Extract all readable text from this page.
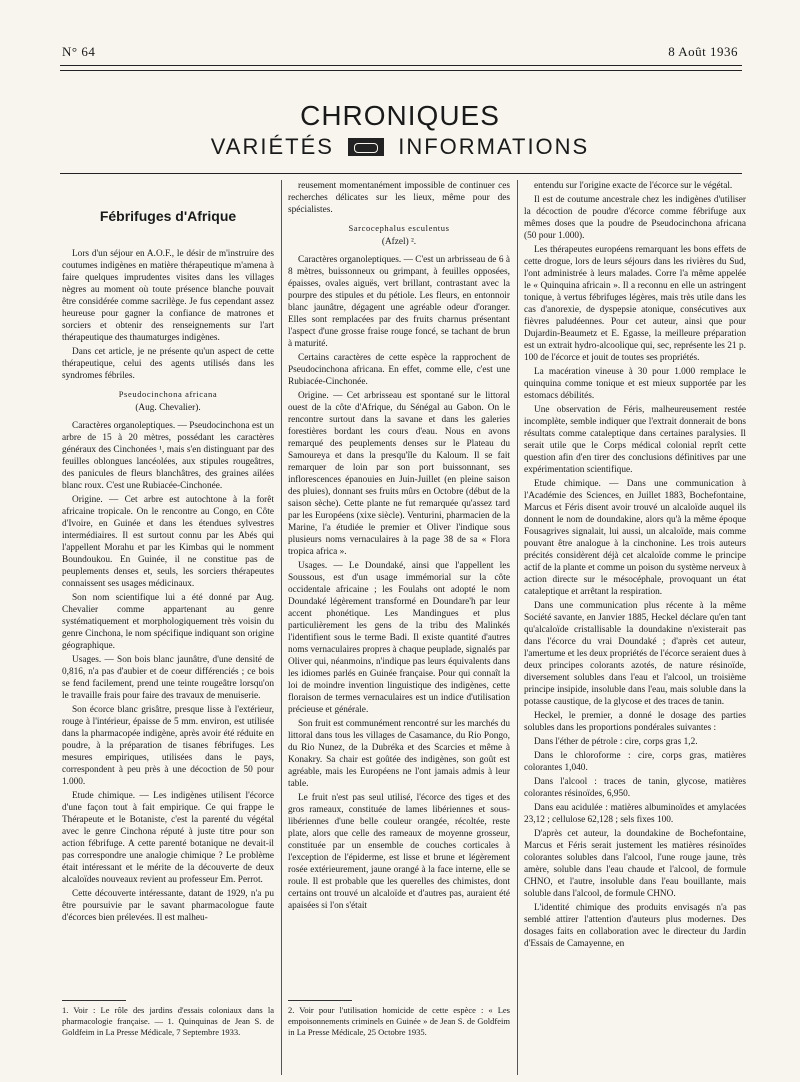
N° 64	8 Août 1936
CHRONIQUES
VARIÉTÉS	INFORMATIONS
Fébrifuges d'Afrique

Lors d'un séjour en A.O.F., le désir de m'instruire des coutumes indigènes en matière thérapeutique m'amena à faire quelques imprudentes visites dans les villages nègres au moment où toute présence blanche pouvait être considérée comme sacrilège. Je fus cependant assez heureuse pour gagner la confiance de matrones et sorciers et obtenir des renseignements sur l'art thérapeutique des thaumaturges indigènes.

Dans cet article, je ne présente qu'un aspect de cette thérapeutique, celui des agents utilisés dans les syndromes fébriles.

Pseudocinchona africana

(Aug. Chevalier).

Caractères organoleptiques. — Pseudocinchona est un arbre de 15 à 20 mètres, possédant les caractères généraux des Cinchonées ¹, mais s'en distinguant par des feuilles oblongues lancéolées, aux stipules rougeâtres, des panicules de fleurs blanchâtres, des graines ailées blanc roux. C'est une Rubiacée-Cinchonée.

Origine. — Cet arbre est autochtone à la forêt africaine tropicale. On le rencontre au Congo, en Côte d'Ivoire, en Guinée et dans les étendues sylvestres intermédiaires. Il est surtout connu par les Abés qui l'appellent Morahu et par les Kimbas qui le nomment Boundoukou. En Guinée, il ne constitue pas de peuplements denses et, seuls, les sorciers thérapeutes connaissent ses usages médicinaux.

Son nom scientifique lui a été donné par Aug. Chevalier comme appartenant au genre systématiquement et morphologiquement très voisin du genre Cinchona, le nom spécifique indiquant son origine géographique.

Usages. — Son bois blanc jaunâtre, d'une densité de 0,816, n'a pas d'aubier et de coeur différenciés ; ce bois se fend facilement, prend une teinte rougeâtre lorsqu'on le travaille frais pour faire des travaux de menuiserie.

Son écorce blanc grisâtre, presque lisse à l'extérieur, rouge à l'intérieur, épaisse de 5 mm. environ, est utilisée dans la pharmacopée indigène, après avoir été réduite en poudre, à la préparation de tisanes fébrifuges. Les mesures empiriques, utilisées dans le pays, correspondent à peu près à une décoction de 50 pour 1.000.

Etude chimique. — Les indigènes utilisent l'écorce d'une façon tout à fait empirique. Ce qui frappe le Thérapeute et le Botaniste, c'est la parenté du végétal avec le genre Cinchona réputé à juste titre pour son action fébrifuge. A cette parenté botanique ne devait-il pas correspondre une analogie chimique ? Le problème était intéressant et le mérite de la découverte de deux alcaloïdes nouveaux revient au professeur Em. Perrot.

Cette découverte intéressante, datant de 1929, n'a pu être poursuivie par le savant pharmacologue faute d'écorces bien prélevées. Il est malheu-

reusement momentanément impossible de continuer ces recherches délicates sur les lieux, même pour des spécialistes.

Sarcocephalus esculentus

(Afzel) ².

Caractères organoleptiques. — C'est un arbrisseau de 6 à 8 mètres, buissonneux ou grimpant, à feuilles opposées, épaisses, ovales aiguës, vert brillant, contrastant avec la pourpre des stipules et du pétiole. Les fleurs, en entonnoir blanc jaunâtre, dégagent une agréable odeur d'oranger. Elles sont remplacées par des fruits charnus présentant l'aspect d'une grosse fraise rouge foncé, se tachant de brun à maturité.

Certains caractères de cette espèce la rapprochent de Pseudocinchona africana. En effet, comme elle, c'est une Rubiacée-Cinchonée.

Origine. — Cet arbrisseau est spontané sur le littoral ouest de la côte d'Afrique, du Sénégal au Gabon. On le rencontre surtout dans la savane et dans les galeries forestières bordant les cours d'eau. Nous en avons remarqué des peuplements denses sur le Plateau du Samoureya et dans la presqu'île du Kaloum. Il se fait remarquer de loin par son port buissonnant, ses inflorescences épanouies en Juin-Juillet (en pleine saison des pluies), donnant ses fruits mûrs en Octobre (début de la saison sèche). Cette plante ne fut remarquée qu'assez tard par les Européens (xixe siècle). Venturini, pharmacien de la Marine, l'a étudiée le premier et Oliver l'indique sous plusieurs noms vernaculaires à la page 38 de sa « Flora tropica africa ».

Usages. — Le Doundaké, ainsi que l'appellent les Soussous, est d'un usage immémorial sur la côte occidentale africaine ; les Foulahs ont adopté le nom Doundaké légèrement transformé en Doundare'h par leur accent phonétique. Les Mandingues et plus particulièrement les gens de la tribu des Malinkés l'identifient sous le terme Badi. Il existe quantité d'autres noms vernaculaires propres à chaque peuplade, signalés par Oliver qui, néanmoins, n'indique pas leurs équivalents dans les idiomes parlés en Guinée française. Pour qui connaît la loi de moindre invention linguistique des indigènes, cette floraison de termes vernaculaires est un indice d'utilisation précieuse et générale.

Son fruit est communément rencontré sur les marchés du littoral dans tous les villages de Casamance, du Rio Pongo, du Rio Nunez, de la Dubréka et des Scarcies et même à Konakry. Sa chair est goûtée des indigènes, son goût est agréable, mais les Européens ne l'ont jamais admis à leur table.

Le fruit n'est pas seul utilisé, l'écorce des tiges et des gros rameaux, constituée de lames libériennes et sous-libériennes d'une belle couleur orangée, récoltée, reste plate, alors que celle des rameaux de moyenne grosseur, constituée par un ensemble de couches corticales à l'exception de l'épiderme, est lisse et brune et légèrement rosée extérieurement, jaune orangé à la face interne, elle se roule. Il est probable que les querelles des chimistes, dont certains ont trouvé un alcaloïde et d'autres pas, auraient été apaisées si l'on s'était

entendu sur l'origine exacte de l'écorce sur le végétal.

Il est de coutume ancestrale chez les indigènes d'utiliser la décoction de poudre d'écorce comme fébrifuge aux mêmes doses que la poudre de Pseudocinchona africana (50 pour 1.000).

Les thérapeutes européens remarquant les bons effets de cette drogue, lors de leurs séjours dans les rivières du Sud, l'ont administrée à leurs malades. Corre l'a même appelée le « Quinquina africain ». Il a reconnu en elle un astringent tonique, à vertus fébrifuges légères, mais très utile dans les cas d'anorexie, de dyspepsie atonique, consécutives aux fièvres paludéennes. Pour cet auteur, ainsi que pour Dujardin-Beaumetz et E. Egasse, la meilleure préparation est un extrait hydro-alcoolique qui, sec, représente les 21 p. 100 de l'écorce et jouit de toutes ses propriétés.

La macération vineuse à 30 pour 1.000 remplace le quinquina comme tonique et est mieux supportée par les estomacs débilités.

Une observation de Féris, malheureusement restée incomplète, semble indiquer que l'extrait donnerait de bons résultats comme cataleptique dans certaines paralysies. Il serait utile que le Corps médical colonial reprît cette question afin d'en tirer des conclusions définitives par une expérimentation scientifique.

Etude chimique. — Dans une communication à l'Académie des Sciences, en Juillet 1883, Bochefontaine, Marcus et Féris disent avoir trouvé un alcaloïde auquel ils donnent le nom de doundakine, alors qu'à la même époque Fousagrives signalait, lui aussi, un alcaloïde, mais comme pouvant être analogue à la cinchonine. Les trois auteurs précités considèrent déjà cet alcaloïde comme le principe actif de la plante et comme un poison du système nerveux à action directe sur le mésocéphale, provoquant un état cataleptique et arrêtant la respiration.

Dans une communication plus récente à la même Société savante, en Janvier 1885, Heckel déclare qu'en tant qu'alcaloïde cristallisable la doundakine n'existerait pas dans l'écorce du vrai Doundaké ; d'après cet auteur, l'amertume et les deux propriétés de l'écorce seraient dues à deux principes colorants azotés, de nature résinoïde, diversement solubles dans l'eau et l'alcool, un troisième principe insipide, insoluble dans l'eau, mais soluble dans la potasse caustique, de la glycose et des traces de tanin.

Heckel, le premier, a donné le dosage des parties solubles dans les proportions pondérales suivantes :

Dans l'éther de pétrole : cire, corps gras 1,2.

Dans le chloroforme : cire, corps gras, matières colorantes 1,040.

Dans l'alcool : traces de tanin, glycose, matières colorantes résinoïdes, 6,950.

Dans eau acidulée : matières albuminoïdes et amylacées 23,12 ; cellulose 62,128 ; sels fixes 100.

D'après cet auteur, la doundakine de Bochefontaine, Marcus et Féris serait justement les matières résinoïdes colorantes solubles dans l'alcool, l'une rouge jaune, très amère, soluble dans l'eau chaude et l'alcool, de formule CHNO, et l'autre, insoluble dans l'eau bouillante, mais soluble dans l'alcool, de formule CHNO.

L'identité chimique des produits envisagés n'a pas semblé attirer l'attention d'auteurs plus modernes. Des dosages faits en collaboration avec le directeur du Jardin d'Essais de Camayenne, en

1. Voir : Le rôle des jardins d'essais coloniaux dans la pharmacologie française. — 1. Quinquinas de Jean S. de Goldfeim in La Presse Médicale, 7 Septembre 1933.
2. Voir pour l'utilisation homicide de cette espèce : « Les empoisonnements criminels en Guinée » de Jean S. de Goldfeim in La Presse Médicale, 25 Octobre 1935.
